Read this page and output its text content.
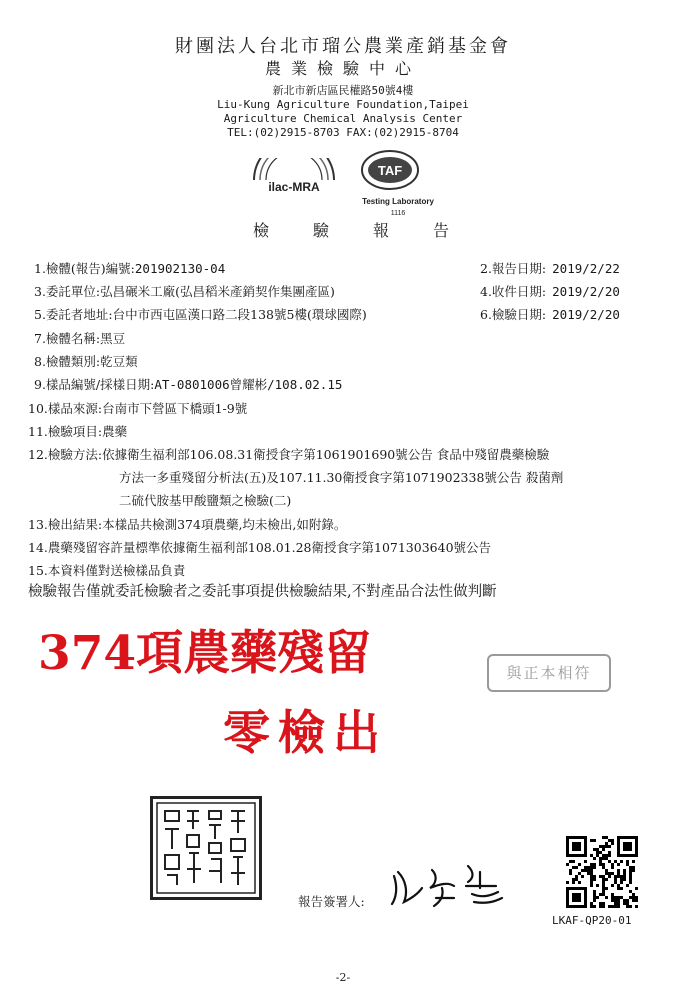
財團法人台北市瑠公農業產銷基金會
農業檢驗中心
新北市新店區民權路50號4樓
Liu-Kung Agriculture Foundation,Taipei
Agriculture Chemical Analysis Center
TEL:(02)2915-8703 FAX:(02)2915-8704
ilac-MRA
TAF
Testing Laboratory
1116
檢驗報告
1.檢體(報告)編號:201902130-04	2.報告日期: 2019/2/22
3.委託單位:弘昌碾米工廠(弘昌稻米產銷契作集團產區)	4.收件日期: 2019/2/20
5.委託者地址:台中市西屯區漢口路二段138號5樓(環球國際)	6.檢驗日期: 2019/2/20
7.檢體名稱:黑豆
8.檢體類別:乾豆類
9.樣品編號/採樣日期:AT-0801006曾耀彬/108.02.15
10.樣品來源:台南市下營區下橋頭1-9號
11.檢驗項目:農藥
12.檢驗方法:依據衛生福利部106.08.31衛授食字第1061901690號公告 食品中殘留農藥檢驗
方法一多重殘留分析法(五)及107.11.30衛授食字第1071902338號公告 殺菌劑
二硫代胺基甲酸鹽類之檢驗(二)
13.檢出結果:本樣品共檢測374項農藥,均未檢出,如附錄。
14.農藥殘留容許量標準依據衛生福利部108.01.28衛授食字第1071303640號公告
15.本資料僅對送檢樣品負責
檢驗報告僅就委託檢驗者之委託事項提供檢驗結果,不對產品合法性做判斷
374項農藥殘留
零檢出
與正本相符
報告簽署人:
LKAF-QP20-01
-2-
